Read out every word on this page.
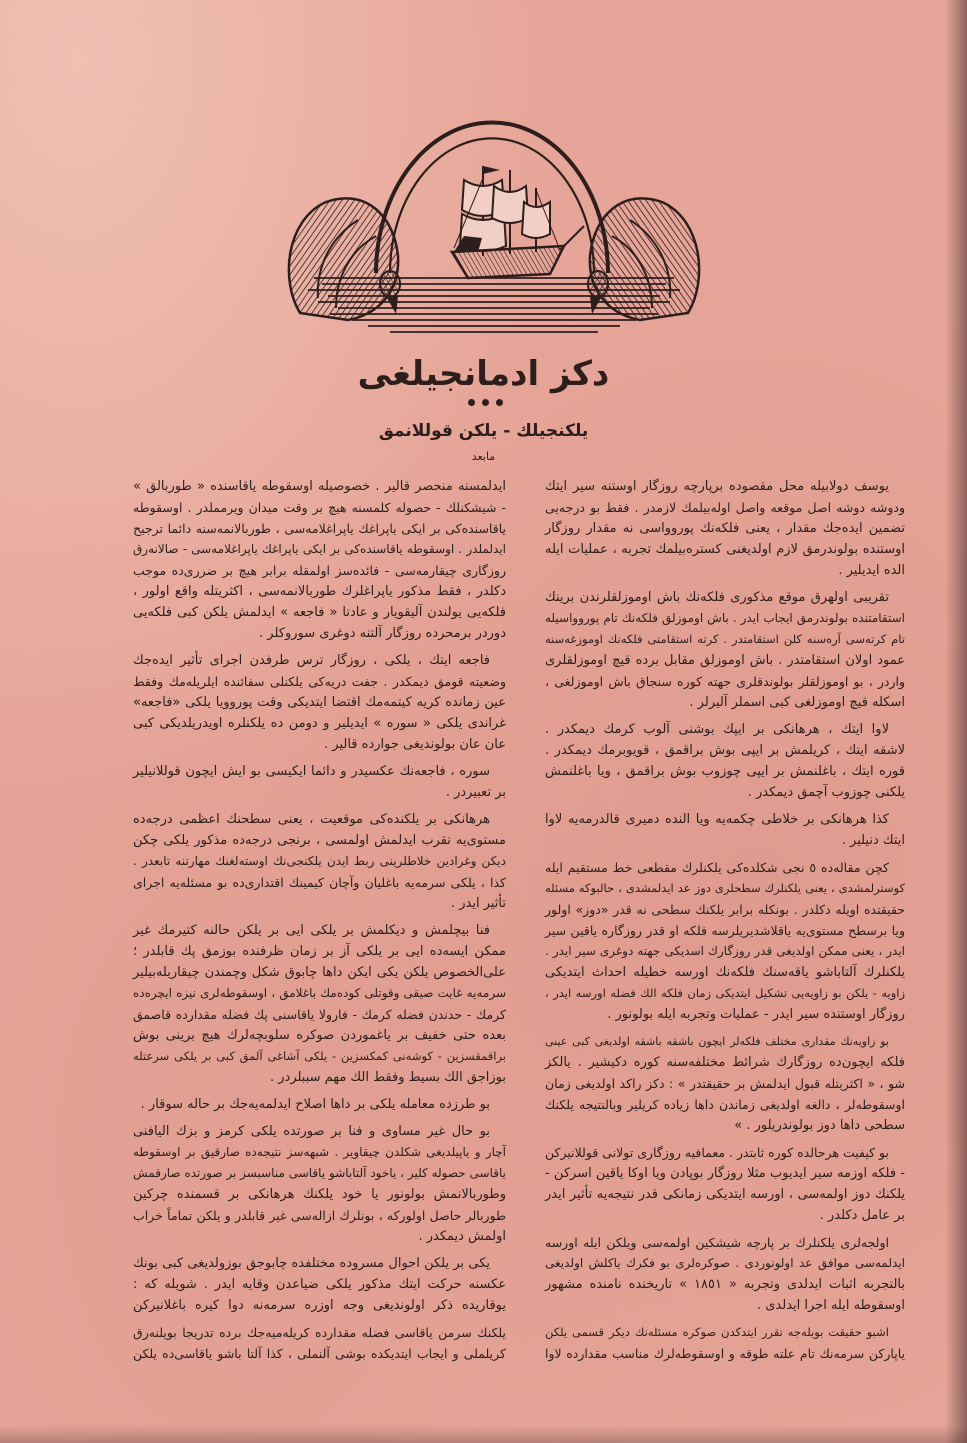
دكز ادمانجيلغی
يلكنجيلك - يلكن قوللانمق
مابعد
يوسف دولابيله محل مقصوده برپارچه روزگار اوستنه سير ايتك
ودوشه دوشه اصل موقعه واصل اوله‌بيلمك لازمدر . فقط بو درجه‌يی
تضمين ايده‌جك مقدار ، يعنی فلكه‌نك پوروواسی نه مقدار روزگار
اوستنده بولوندرمق لازم اولديغنی كستره‌بيلمك تجربه ، عمليات ايله
الده ايديلير .
تقريبی اولهرق موقع مذكوری فلكه‌نك باش اوموزلقلرندن برينك
استقامتنده بولوندرمق ايجاب ايدر . باش اوموزلق فلكه‌نك تام پوروواسيله
تام كرته‌سی آره‌سنه كلن استقامتدر . كرته استقامتی فلكه‌نك اوموزغه‌سنه
عمود اولان استقامتدر . باش اوموزلق مقابل برده قيچ اوموزلقلری
واردر ، بو اوموزلقلر بولوندقلری جهته كوره سنجاق باش اوموزلغی ،
اسكله قيچ اوموزلغی كبی اسملر آليرلر .
لاوا ايتك ، هرهانكی بر ايپك بوشنی آلوب كرمك ديمكدر .
لاشقه ايتك ، كريلمش بر ايپی بوش براقمق ، قويوبرمك ديمكدر .
قوره ايتك ، باغلنمش بر ايپی چوزوب بوش براقمق ، ويا باغلنمش
يلكنی چوزوب آچمق ديمكدر .
كذا هرهانكی بر خلاطی چكمه‌يه ويا النده دميری قالدرمه‌يه لاوا
ايتك دنيلير .
كچن مقاله‌ده ٥ نجی شكلده‌كی يلكنلرك مقطعی خط مستقيم ايله
كوسترلمشدی ، يعنی يلكنلرك سطحلری دوز عد ايدلمشدی ، حالبوكه مسئله
حقيقتده اويله دكلدر . بونكله برابر يلكنك سطحی نه قدر «دوز» اولور
ويا برسطح مستوی‌يه ياقلاشديريلرسه فلكه او قدر روزگاره ياقين سير
ايدر ، يعنی ممكن اولديغی قدر روزگارك اسديكی جهته دوغری سير ايدر .
يلكنلرك آلتاباشو ياقه‌سنك فلكه‌نك اورسه خطيله احداث ايتديكی
زاويه - يلكن بو زاويه‌يی تشكيل ايتديكی زمان فلكه الك فضله اورسه ايدر ،
روزگار اوستنده سير ايدر - عمليات وتجربه ايله بولونور .
بو زاويه‌نك مقداری مختلف فلكه‌لر ايچون باشقه باشقه اولديغی كبی عينی
فلكه ايچون‌ده روزگارك شرائط مختلفه‌سنه كوره دكيشير . يالكز
شو ، « اكثريتله قبول ايدلمش بر حقيقتدر » : دكز راكد اولديغی زمان
اوسقوطه‌لر ، دالغه اولديغی زماندن داها زياده كريلير وبالنتيجه يلكنك
سطحی داها دوز بولوندريلور . »
بو كيفيت هرحالده كوره ثابتدر . معمافيه روزگاری تولانی قوللانيركن
- فلكه اوزمه سير ايديوب مثلا روزگار بوپادن ويا اوكا ياقين اسركن -
يلكنك دوز اولمه‌سی ، اورسه ايتديكی زمانكی قدر نتيجه‌يه تأثير ايدر
بر عامل دكلدر .
اولجه‌لری يلكنلرك بر پارچه شيشكين اولمه‌سی ويلكن ايله اورسه
ايدلمه‌سی موافق عد اولونوردی . صوكره‌لری بو فكرك ياكلش اولديغی
بالتجربه اثبات ايدلدی وتجربه « ١٨٥١ » تاريخنده نامنده مشهور
اوسقوطه ايله اجرا ايدلدی .
اشبو حقيقت بويله‌جه تقرر ايتدكدن صوكره مسئله‌نك ديكر قسمی يلكن
ياپاركن سرمه‌نك تام علته طوقه و اوسقوطه‌لرك مناسب مقدارده لاوا
ايدلمسنه منحصر قالير . خصوصيله اوسقوطه ياقاسنده « طوربالق »
- شيشكنلك - حصوله كلمسنه هيچ بر وقت ميدان ويرمملدر . اوسقوطه
ياقاسنده‌كی بر ايكی ياپراغك ياپراغلامه‌سی ، طوربالانمه‌سنه دائما ترجيح
ايدلملدر . اوسقوطه ياقاسنده‌كی بر ايكی ياپراغك ياپراغلامه‌سی - صالانه‌رق
روزگاری چيقارمه‌سی - فائده‌سز اولمقله برابر هيچ بر ضرری‌ده موجب
دكلدر ، فقط مذكور ياپراغلرك طوربالانمه‌سی ، اكثريتله واقع اولور ،
فلكه‌يی يولندن آليقويار و عادتا « فاجعه » ايدلمش يلكن كبی فلكه‌يی
دوردر برمحرده روزگار آلتنه دوغری سوروكلر .
فاجعه ايتك ، يلكی ، روزگار ترس طرفدن اجرای تأثير ايده‌جك
وضعيته قومق ديمكدر . جفت دريه‌كی يلكنلی سفائنده ايلريله‌مك وفقط
عين زمانده كريه كيتمه‌مك اقتضا ايتديكی وقت پوروويا يلكی «فاجعه»
غراندی يلكی « سوره » ايديلير و دومن ده يلكنلره اويدريلديكی كبی
عان عان بولونديغی جوارده قالير .
سوره ، فاجعه‌نك عكسيدر و دائما ايكيسی بو ايش ايچون قوللانيلير
بر تعبيردر .
هرهانكی بر يلكنده‌كی موقعيت ، يعنی سطحنك اعظمی درجه‌ده
مستوی‌يه تقرب ايدلمش اولمسی ، برنجی درجه‌ده مذكور يلكی چكن
ديكن وغرادين خلاطلرينی ربط ايدن يلكنجی‌نك اوسته‌لغنك مهارتنه تابعدر .
كذا ، يلكی سرمه‌يه باغليان وآچان كيمينك اقتداری‌ده بو مسئله‌يه اجرای
تأثير ايدر .
فنا بيچلمش و ديكلمش بر يلكی ايی بر يلكن حالنه كتيرمك غير
ممكن ايسه‌ده ايی بر يلكی آز بر زمان ظرفنده بوزمق پك قابلدر ؛
علی‌الخصوص يلكن يكی ايكن داها چابوق شكل وچمندن چيقاريله‌بيلير
سرمه‌يه غايت صيقی وقوتلی كوده‌مك باغلامق ، اوسقوطه‌لری نيزه ايچره‌ده
كرمك - حدندن فضله كرمك - فارولا ياقاسنی پك فضله مقدارده قاصمق
بعده حتی خفيف بر ياغموردن صوكره سلوبچه‌لرك هيچ برينی بوش
براقمقسزين - كوشه‌نی كمكسزين - يلكی آشاغی آلمق كبی بر يلكی سرعتله
بوزاجق الك بسيط وفقط الك مهم سببلردر .
بو طرزده معامله يلكی بر داها اصلاح ايدلمه‌يه‌جك بر حاله سوقار .
بو حال غير مساوی و فنا بر صورتده يلكی كرمز و بزك اليافنی
آچار و ياپيلديغی شكلدن چيقاوير . شبهه‌سز نتيجه‌ده صارقيق بر اوسقوطه
ياقاسی حصوله كلير ، ياخود آلتاباشو ياقاسی مناسبسز بر صورتده صارقمش
وطوربالانمش بولونور يا خود يلكنك هرهانكی بر قسمنده چركين
طوربالر حاصل اولوركه ، بونلرك ازاله‌سی غير قابلدر و يلكن تماماً خراب
اولمش ديمكدر .
يكی بر يلكن احوال مسروده مختلفده چابوجق بوزولديغی كبی بونك
عكسنه حركت ايتك مذكور يلكی ضياعدن وقايه ايدر . شويله كه :
يوقاريده ذكر اولونديغی وجه اوزره سرمه‌نه دوا كيره باغلانيركن
يلكنك سرمن ياقاسی فضله مقدارده كريله‌ميه‌جك برده تدريجا بويلنه‌رق
كريلملی و ايجاب ايتديكده بوشی آلنملی ، كذا آلتا باشو ياقاسی‌ده يلكن
